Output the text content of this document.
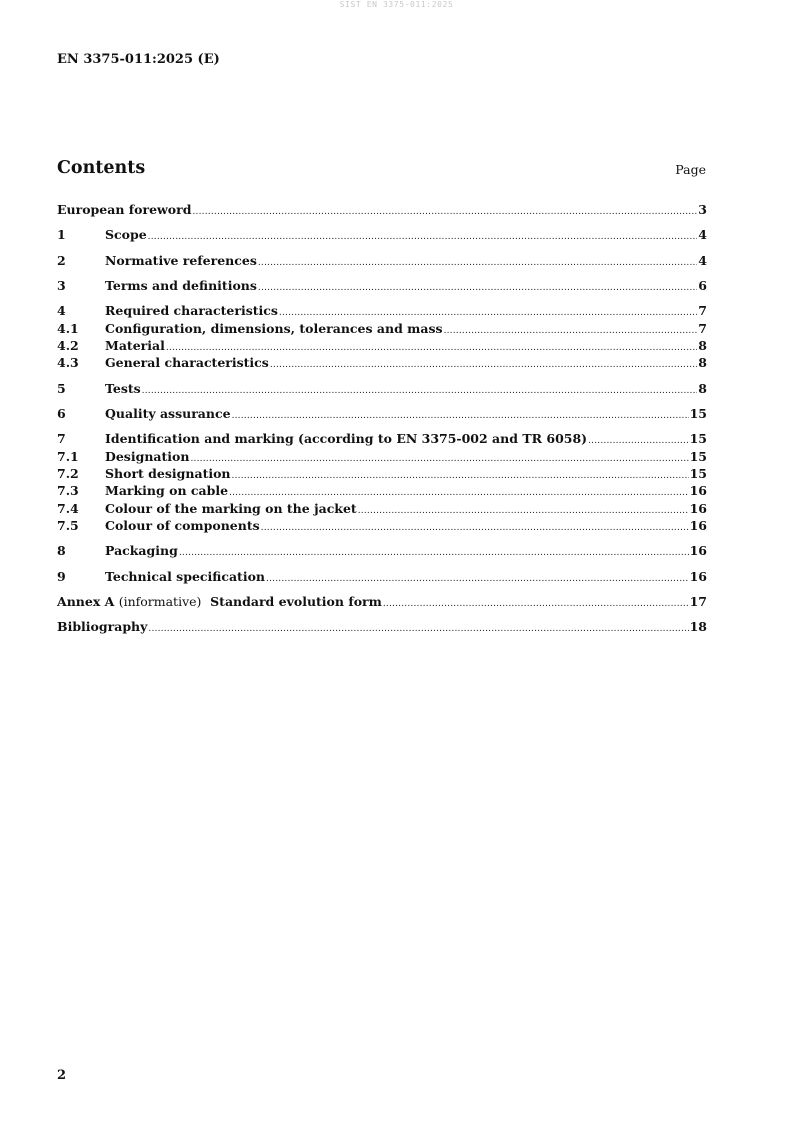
SIST EN 3375-011:2025
EN 3375-011:2025 (E)
Contents	Page
European foreword .....	3
1	Scope .....	4
2	Normative references .....	4
3	Terms and definitions .....	6
4	Required characteristics .....	7
4.1	Configuration, dimensions, tolerances and mass .....	7
4.2	Material .....	8
4.3	General characteristics .....	8
5	Tests .....	8
6	Quality assurance .....	15
7	Identification and marking (according to EN 3375-002 and TR 6058) .....	15
7.1	Designation .....	15
7.2	Short designation .....	15
7.3	Marking on cable .....	16
7.4	Colour of the marking on the jacket .....	16
7.5	Colour of components .....	16
8	Packaging .....	16
9	Technical specification .....	16
Annex A (informative) Standard evolution form .....	17
Bibliography .....	18
2
